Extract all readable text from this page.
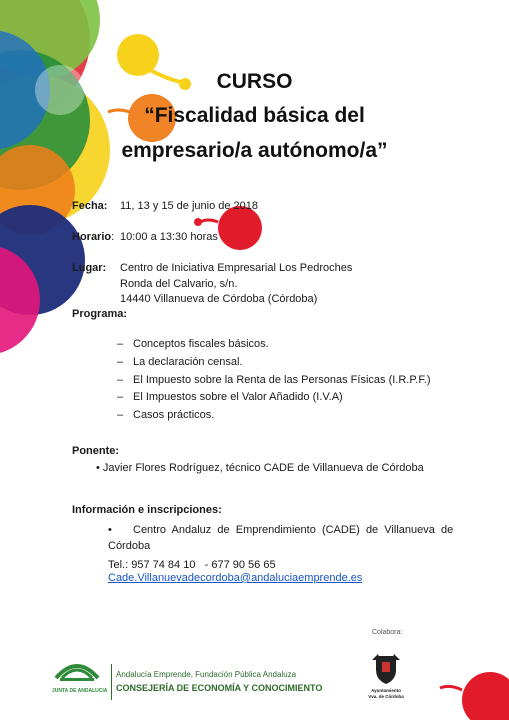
CURSO
“Fiscalidad básica del
empresario/a autónomo/a”
Fecha: 11, 13 y 15 de junio de 2018
Horario: 10:00 a 13:30 horas
Lugar: Centro de Iniciativa Empresarial Los Pedroches
Ronda del Calvario, s/n.
14440 Villanueva de Córdoba (Córdoba)
Programa:
– Conceptos fiscales básicos.
– La declaración censal.
– El Impuesto sobre la Renta de las Personas Físicas (I.R.P.F.)
– El Impuestos sobre el Valor Añadido (I.V.A)
– Casos prácticos.
Ponente:
• Javier Flores Rodríguez, técnico CADE de Villanueva de Córdoba
Información e inscripciones:
• Centro  Andaluz  de  Emprendimiento  (CADE)  de  Villanueva  de
Córdoba
Tel.: 957 74 84 10   - 677 90 56 65
Cade.Villanuevadecordoba@andaluciaemprende.es
Colabora:
JUNTA DE ANDALUCIA
Andalucía Emprende, Fundación Pública Andaluza
CONSEJERÍA DE ECONOMÍA Y CONOCIMIENTO	Ayuntamiento
Vva. de Córdoba
